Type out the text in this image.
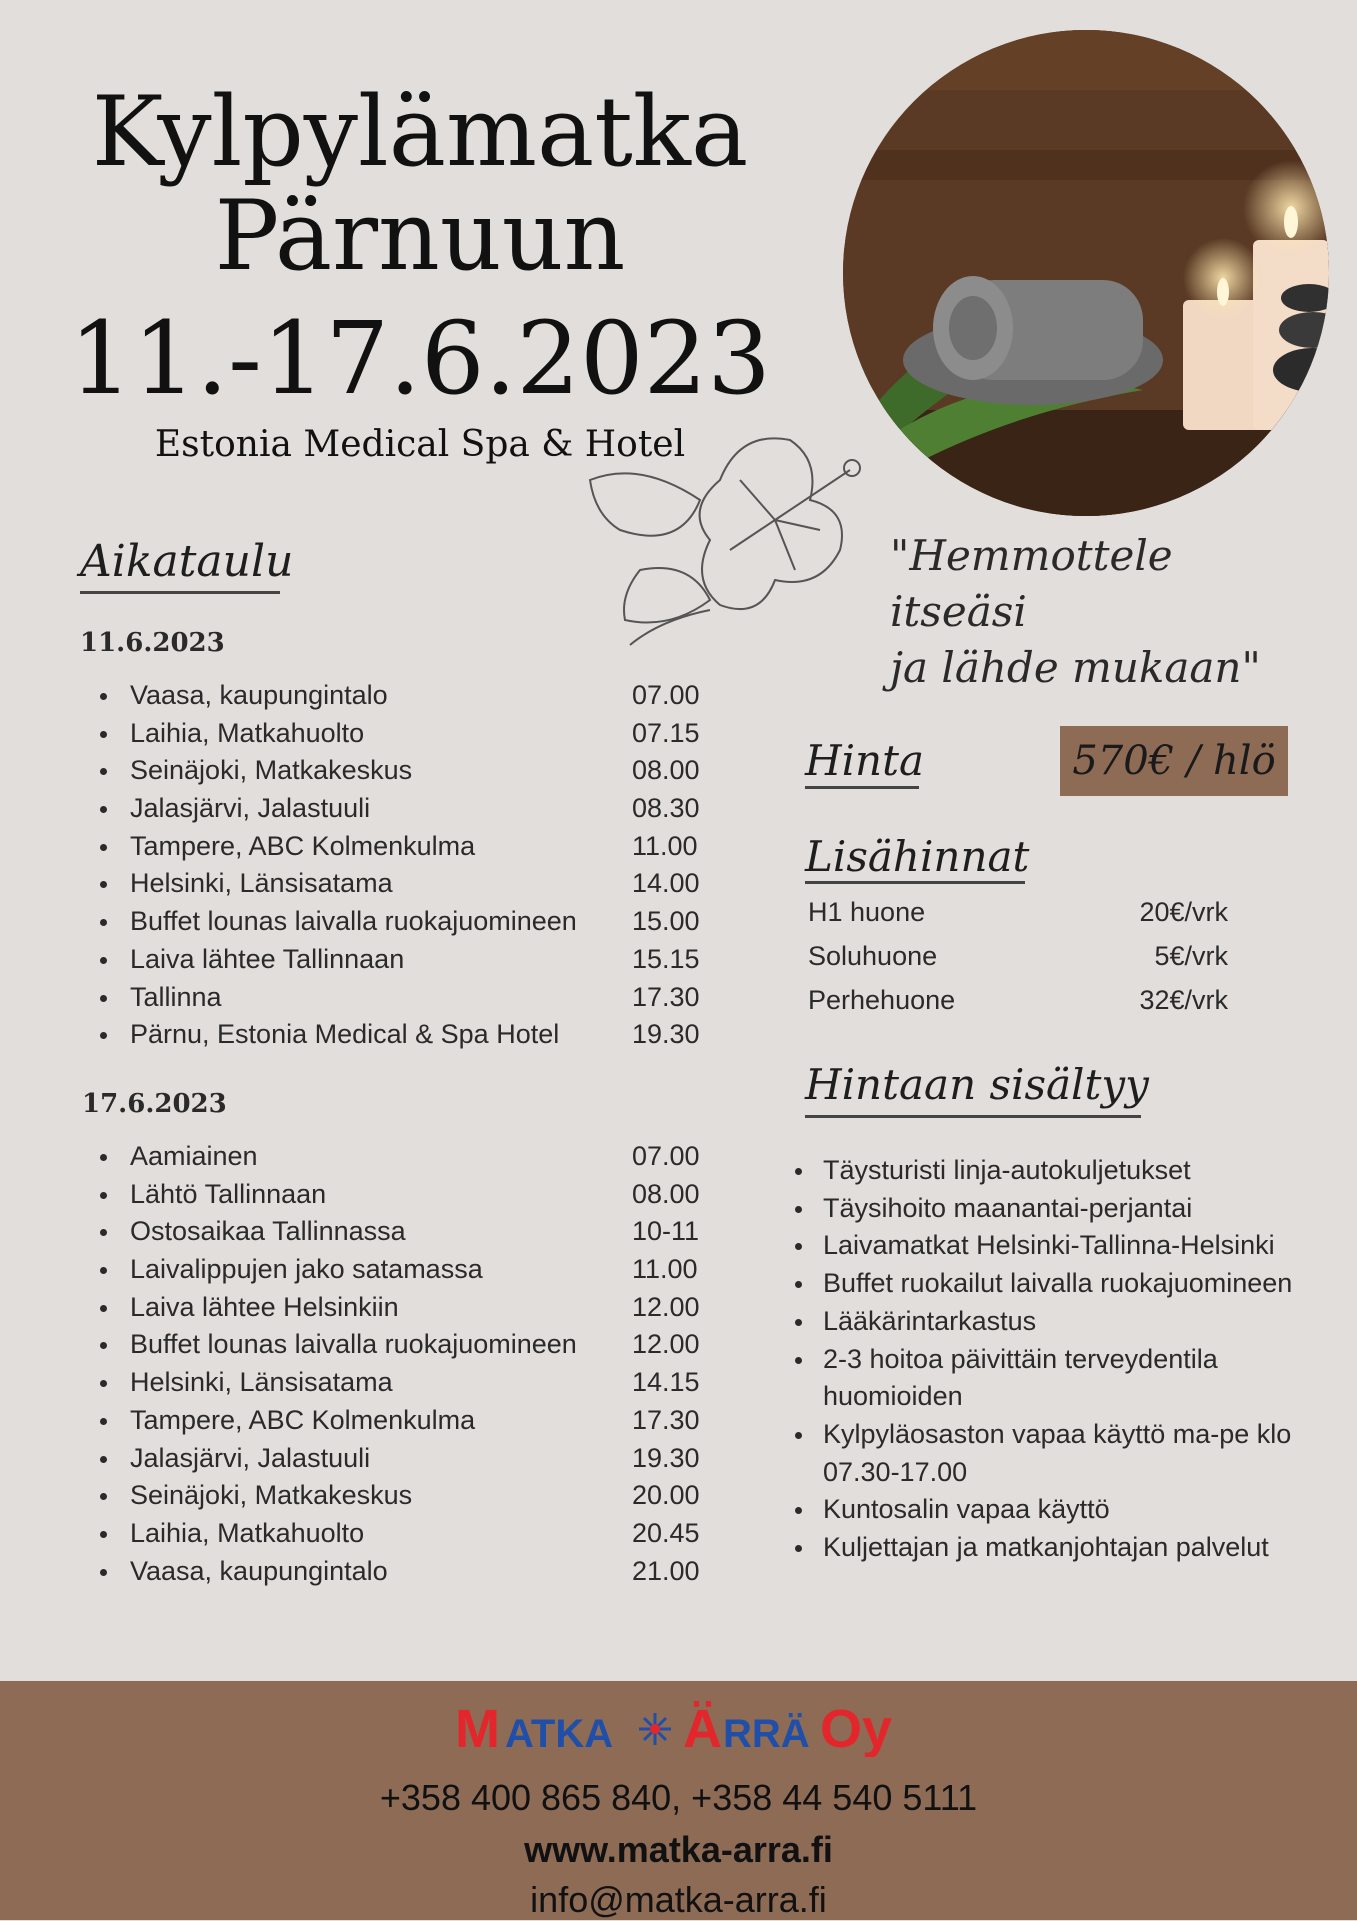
Kylpylämatka
Pärnuun
11.-17.6.2023
Estonia Medical Spa & Hotel
"Hemmottele itseäsi
ja lähde mukaan"
Aikataulu
11.6.2023
Vaasa, kaupungintalo	07.00
Laihia, Matkahuolto	07.15
Seinäjoki, Matkakeskus	08.00
Jalasjärvi, Jalastuuli	08.30
Tampere, ABC Kolmenkulma	11.00
Helsinki, Länsisatama	14.00
Buffet lounas laivalla ruokajuomineen 15.00
Laiva lähtee Tallinnaan	15.15
Tallinna	17.30
Pärnu, Estonia Medical & Spa Hotel	19.30
17.6.2023
Aamiainen	07.00
Lähtö Tallinnaan	08.00
Ostosaikaa Tallinnassa	10-11
Laivalippujen jako satamassa	11.00
Laiva lähtee Helsinkiin	12.00
Buffet lounas laivalla ruokajuomineen 12.00
Helsinki, Länsisatama	14.15
Tampere, ABC Kolmenkulma	17.30
Jalasjärvi, Jalastuuli	19.30
Seinäjoki, Matkakeskus	20.00
Laihia, Matkahuolto	20.45
Vaasa, kaupungintalo	21.00
Hinta	570€ / hlö
Lisähinnat
H1 huone	20€/vrk
Soluhuone	5€/vrk
Perhehuone	32€/vrk
Hintaan sisältyy
Täysturisti linja-autokuljetukset
Täysihoito maanantai-perjantai
Laivamatkat Helsinki-Tallinna-Helsinki
Buffet ruokailut laivalla ruokajuomineen
Lääkärintarkastus
2-3 hoitoa päivittäin terveydentila huomioiden
Kylpyläosaston vapaa käyttö ma-pe klo 07.30-17.00
Kuntosalin vapaa käyttö
Kuljettajan ja matkanjohtajan palvelut
M ATKA Ä RRÄ Oy
+358 400 865 840, +358 44 540 5111
www.matka-arra.fi
info@matka-arra.fi
